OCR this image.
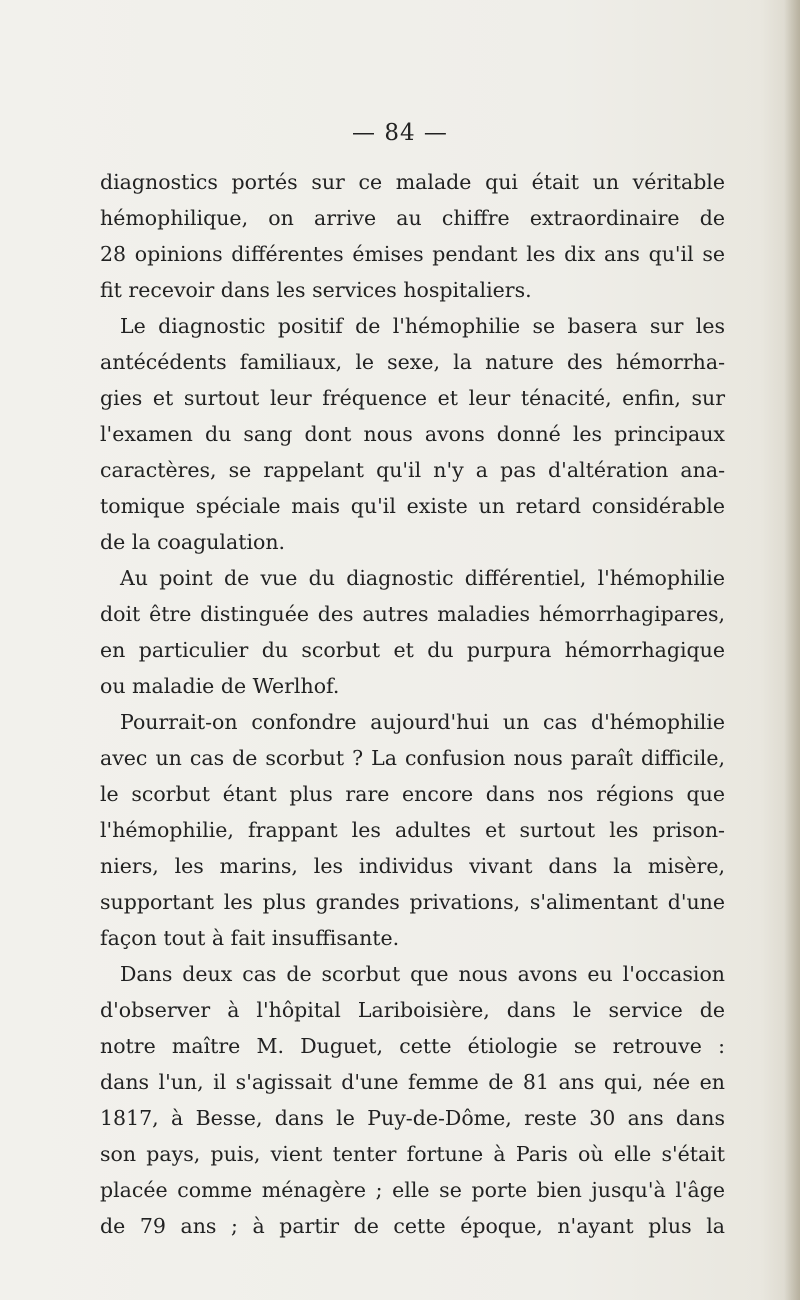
— 84 —
diagnostics portés sur ce malade qui était un véritable
hémophilique, on arrive au chiffre extraordinaire de
28 opinions différentes émises pendant les dix ans qu'il se
fit recevoir dans les services hospitaliers.
Le diagnostic positif de l'hémophilie se basera sur les
antécédents familiaux, le sexe, la nature des hémorrha-
gies et surtout leur fréquence et leur ténacité, enfin, sur
l'examen du sang dont nous avons donné les principaux
caractères, se rappelant qu'il n'y a pas d'altération ana-
tomique spéciale mais qu'il existe un retard considérable
de la coagulation.
Au point de vue du diagnostic différentiel, l'hémophilie
doit être distinguée des autres maladies hémorrhagipares,
en particulier du scorbut et du purpura hémorrhagique
ou maladie de Werlhof.
Pourrait-on confondre aujourd'hui un cas d'hémophilie
avec un cas de scorbut ? La confusion nous paraît difficile,
le scorbut étant plus rare encore dans nos régions que
l'hémophilie, frappant les adultes et surtout les prison-
niers, les marins, les individus vivant dans la misère,
supportant les plus grandes privations, s'alimentant d'une
façon tout à fait insuffisante.
Dans deux cas de scorbut que nous avons eu l'occasion
d'observer à l'hôpital Lariboisière, dans le service de
notre maître M. Duguet, cette étiologie se retrouve :
dans l'un, il s'agissait d'une femme de 81 ans qui, née en
1817, à Besse, dans le Puy-de-Dôme, reste 30 ans dans
son pays, puis, vient tenter fortune à Paris où elle s'était
placée comme ménagère ; elle se porte bien jusqu'à l'âge
de 79 ans ; à partir de cette époque, n'ayant plus la
